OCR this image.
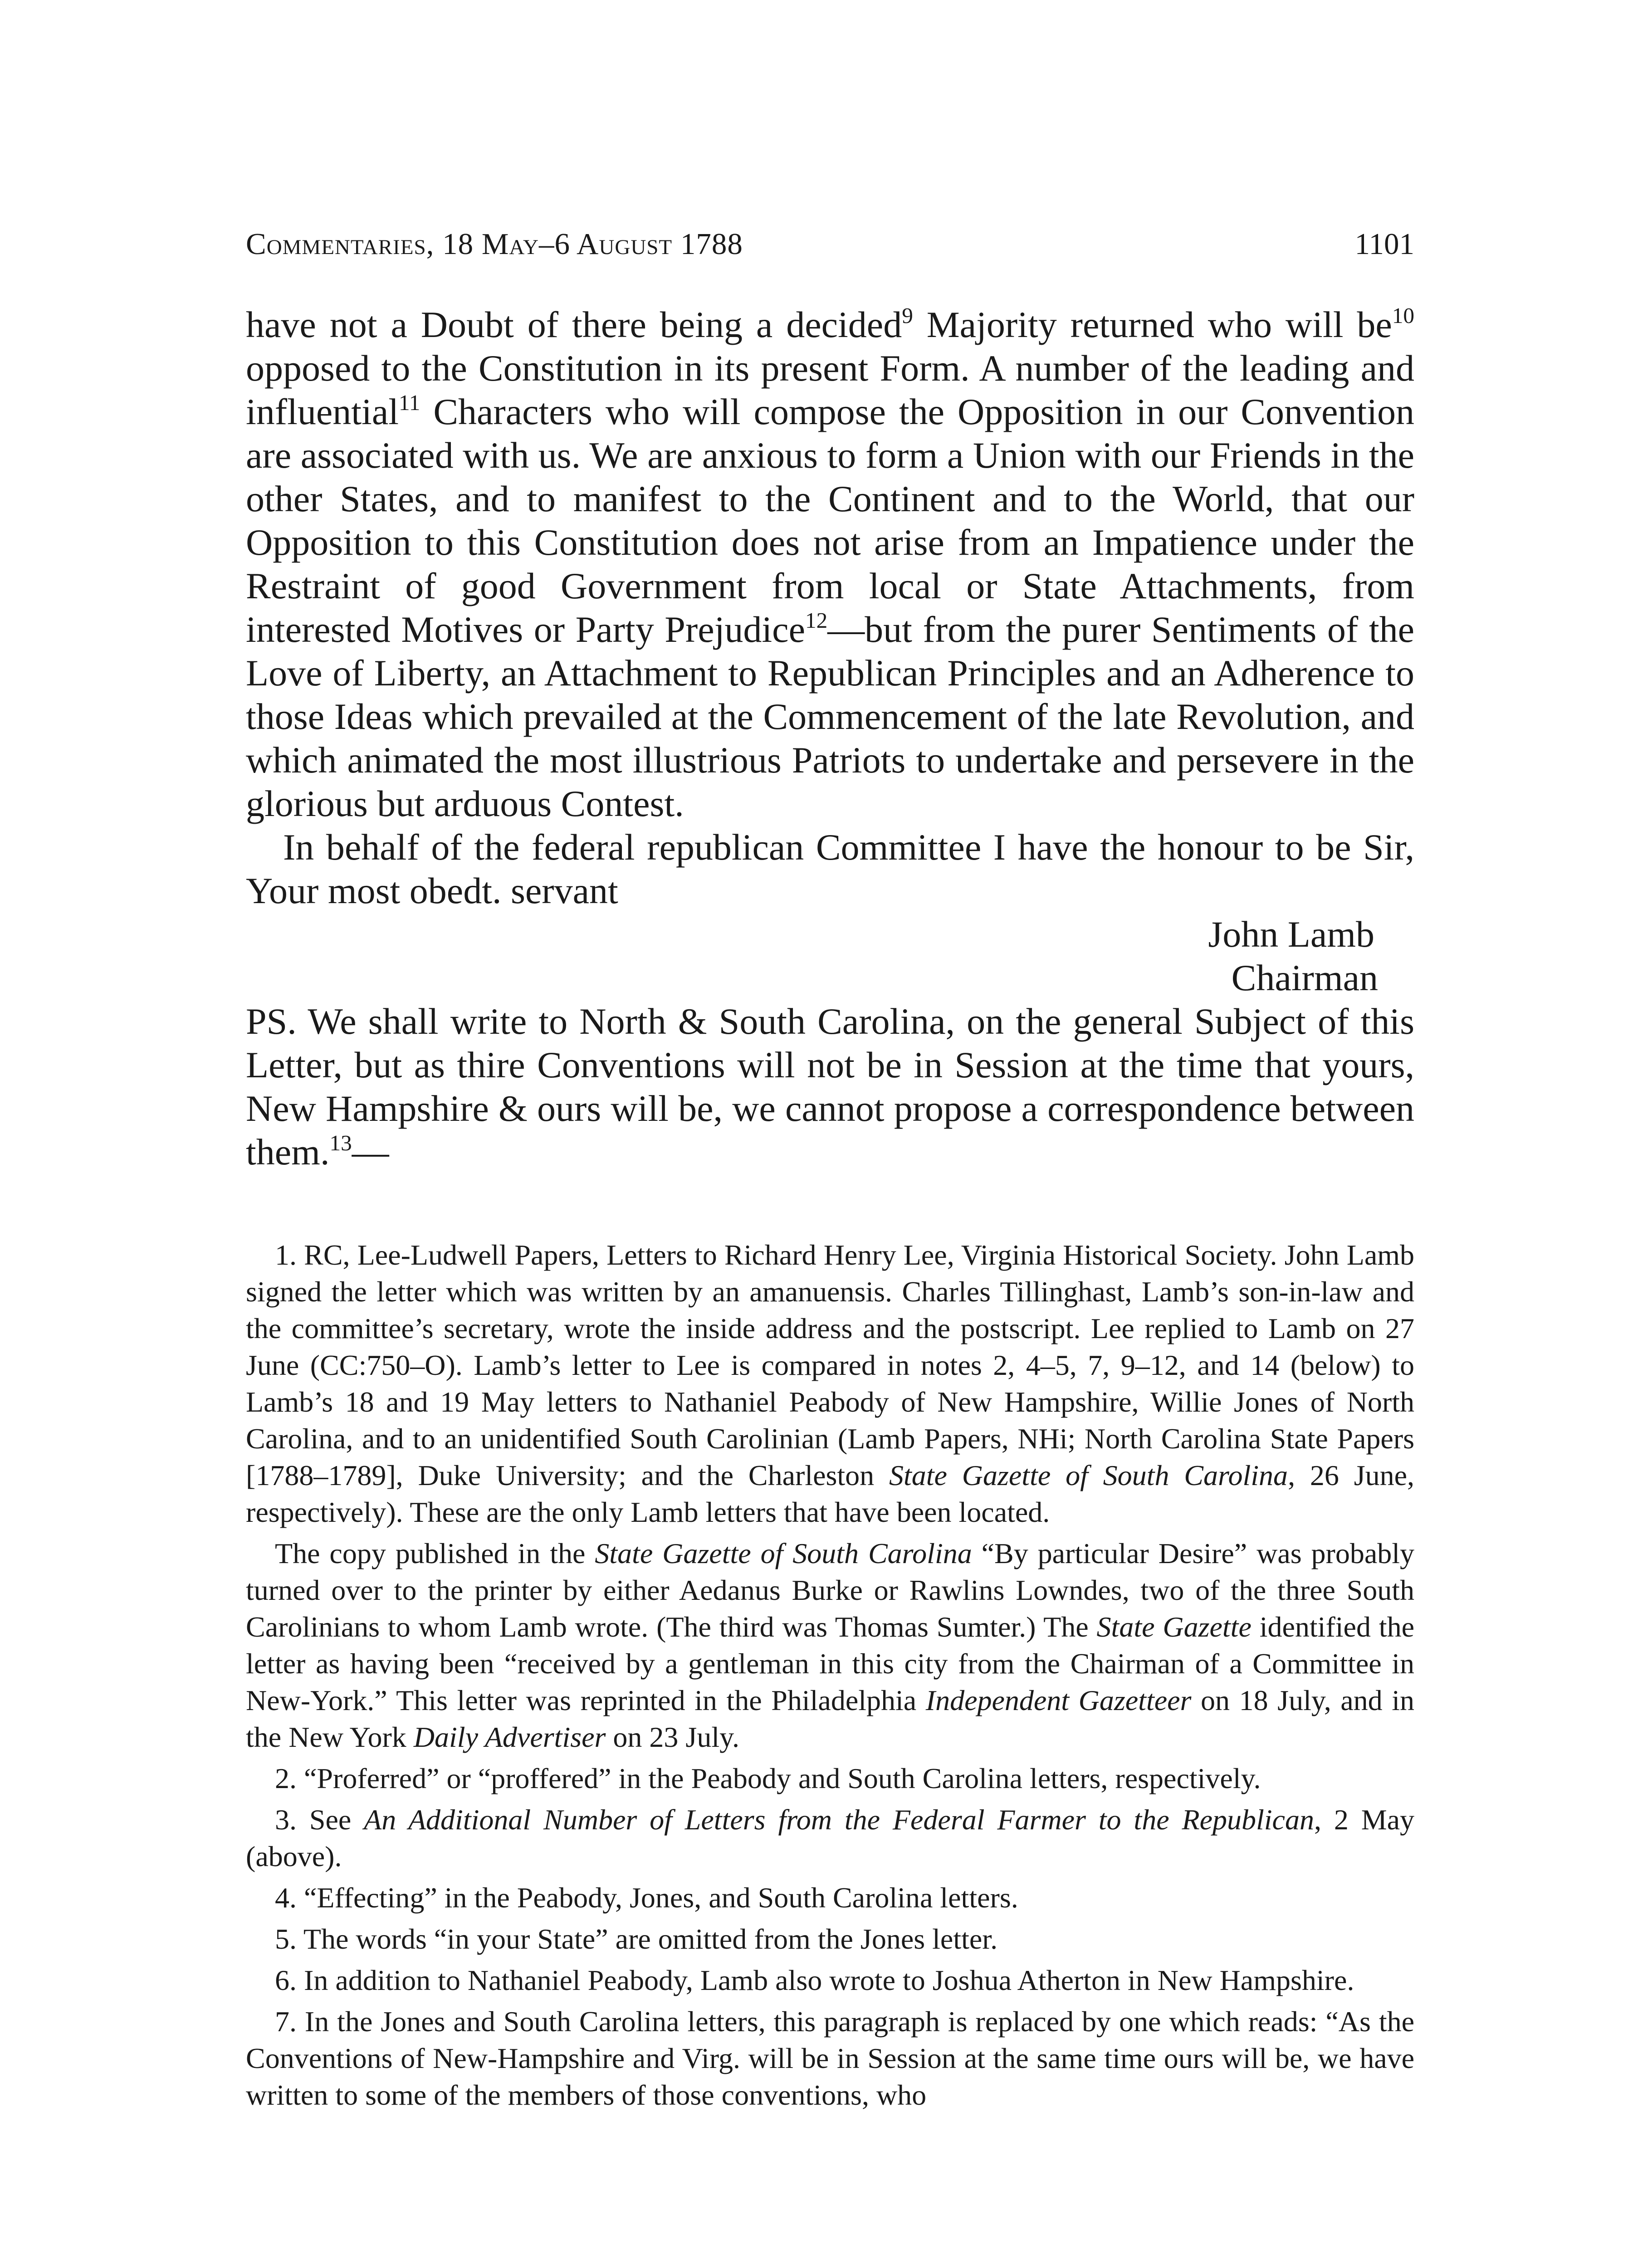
Commentaries, 18 May–6 August 1788	1101

have not a Doubt of there being a decided$^9$ Majority returned who will $be^{10}$ opposed to the Constitution in its present Form. A number of the leading and influential$^{11}$ Characters who will compose the Opposition in our Convention are associated with us. We are anxious to form a Union with our Friends in the other States, and to manifest to the Continent and to the World, that our Opposition to this Constitution does not arise from an Impatience under the Restraint of good Government from local or State Attachments, from interested Motives or Party Prejudice$^{12}$—but from the purer Sentiments of the Love of Liberty, an Attachment to Republican Principles and an Adherence to those Ideas which prevailed at the Commencement of the late Revolution, and which animated the most illustrious Patriots to undertake and persevere in the glorious but arduous Contest.

In behalf of the federal republican Committee I have the honour to be Sir, Your most obedt. servant

John Lamb
Chairman

PS. We shall write to North & South Carolina, on the general Subject of this Letter, but as thire Conventions will not be in Session at the time that yours, New Hampshire & ours will be, we cannot propose a correspondence between them.$^{13}$—

1. RC, Lee-Ludwell Papers, Letters to Richard Henry Lee, Virginia Historical Society. John Lamb signed the letter which was written by an amanuensis. Charles Tillinghast, Lamb’s son-in-law and the committee’s secretary, wrote the inside address and the postscript. Lee replied to Lamb on 27 June (CC:750–O). Lamb’s letter to Lee is compared in notes 2, 4–5, 7, 9–12, and 14 (below) to Lamb’s 18 and 19 May letters to Nathaniel Peabody of New Hampshire, Willie Jones of North Carolina, and to an unidentified South Carolinian (Lamb Papers, NHi; North Carolina State Papers [1788–1789], Duke University; and the Charleston State Gazette of South Carolina, 26 June, respectively). These are the only Lamb letters that have been located.

The copy published in the State Gazette of South Carolina “By particular Desire” was probably turned over to the printer by either Aedanus Burke or Rawlins Lowndes, two of the three South Carolinians to whom Lamb wrote. (The third was Thomas Sumter.) The State Gazette identified the letter as having been “received by a gentleman in this city from the Chairman of a Committee in New-York.” This letter was reprinted in the Philadelphia Independent Gazetteer on 18 July, and in the New York Daily Advertiser on 23 July.

2. “Proferred” or “proffered” in the Peabody and South Carolina letters, respectively.

3. See An Additional Number of Letters from the Federal Farmer to the Republican, 2 May (above).

4. “Effecting” in the Peabody, Jones, and South Carolina letters.

5. The words “in your State” are omitted from the Jones letter.

6. In addition to Nathaniel Peabody, Lamb also wrote to Joshua Atherton in New Hampshire.

7. In the Jones and South Carolina letters, this paragraph is replaced by one which reads: “As the Conventions of New-Hampshire and Virg. will be in Session at the same time ours will be, we have written to some of the members of those conventions, who
